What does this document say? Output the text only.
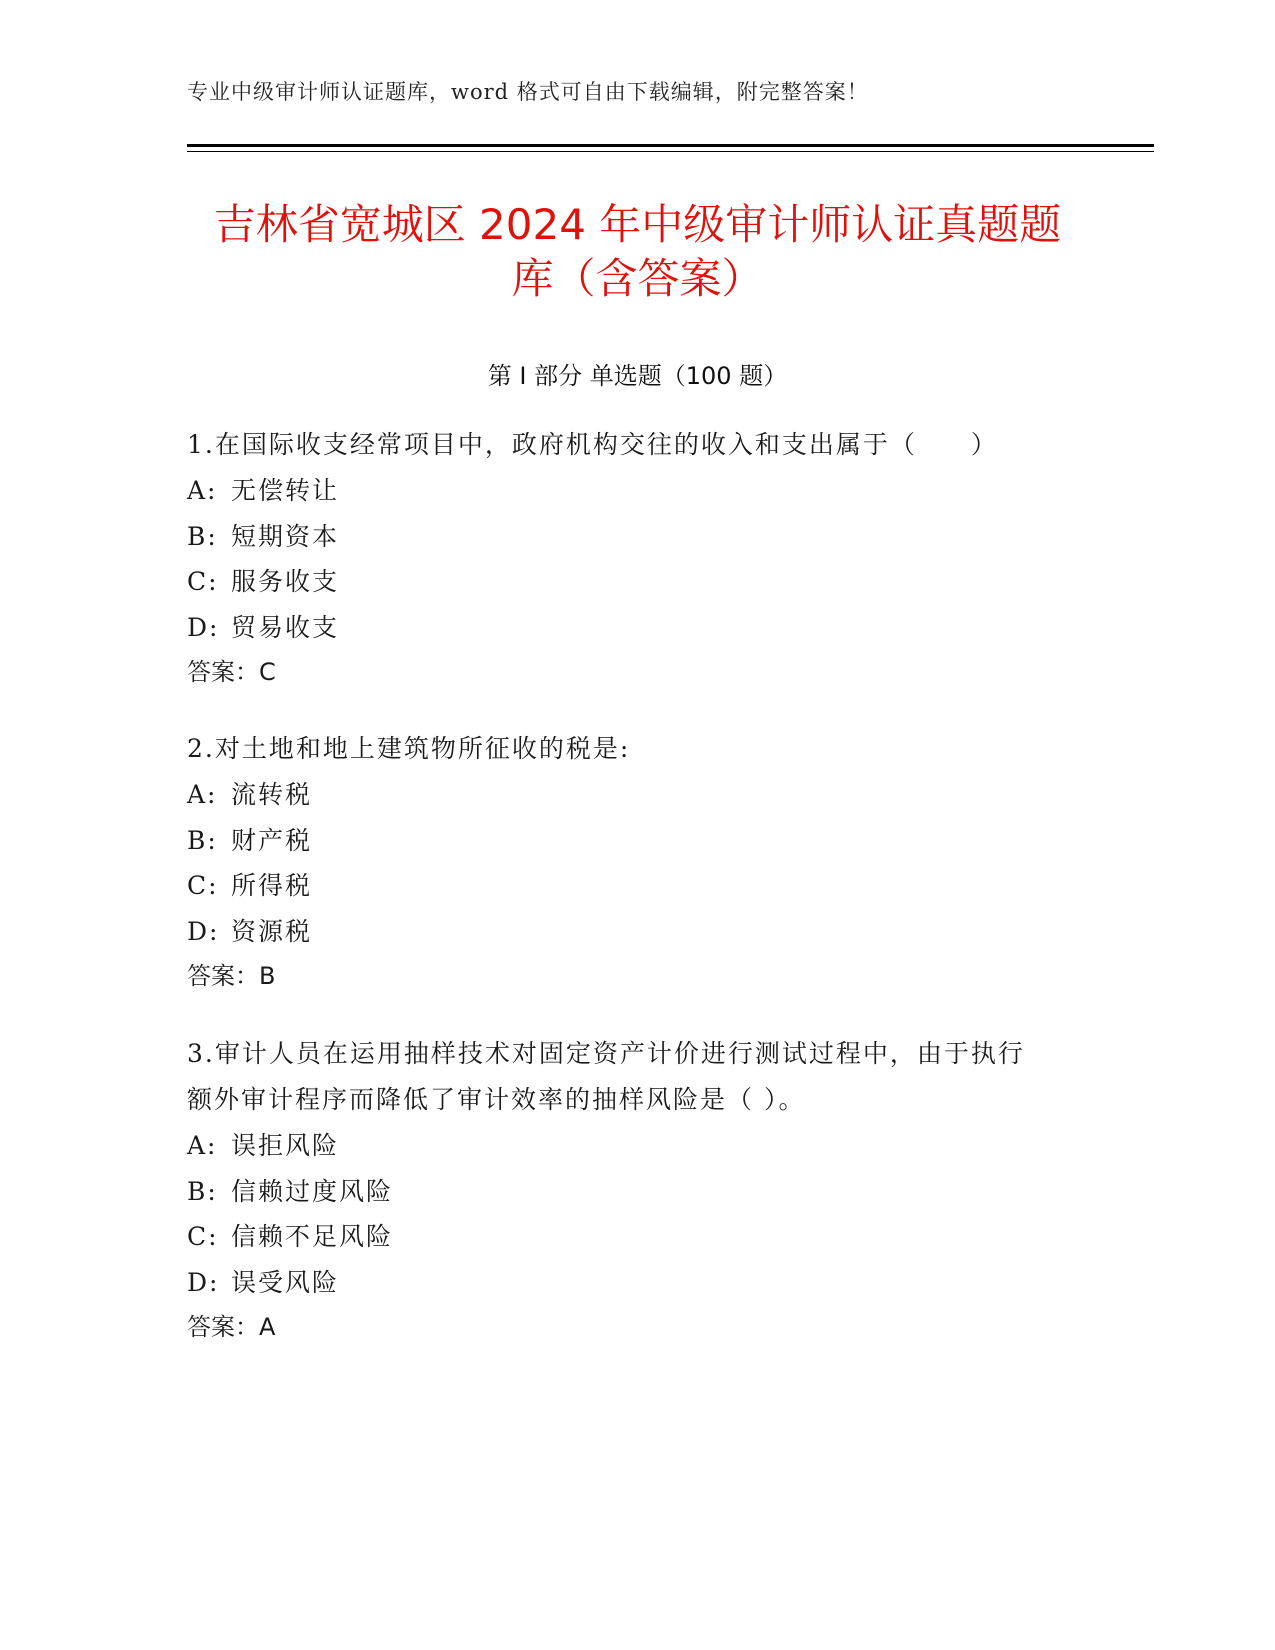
专业中级审计师认证题库，word 格式可自由下载编辑，附完整答案！
吉林省宽城区 2024 年中级审计师认证真题题
库（含答案）
第 I 部分 单选题（100 题）

1.在国际收支经常项目中，政府机构交往的收入和支出属于（　　）

A: 无偿转让

B: 短期资本

C: 服务收支

D: 贸易收支

答案：C

2.对土地和地上建筑物所征收的税是:

A: 流转税

B: 财产税

C: 所得税

D: 资源税

答案：B

3.审计人员在运用抽样技术对固定资产计价进行测试过程中，由于执行额外审计程序而降低了审计效率的抽样风险是（ ）。

A: 误拒风险

B: 信赖过度风险

C: 信赖不足风险

D: 误受风险

答案：A
